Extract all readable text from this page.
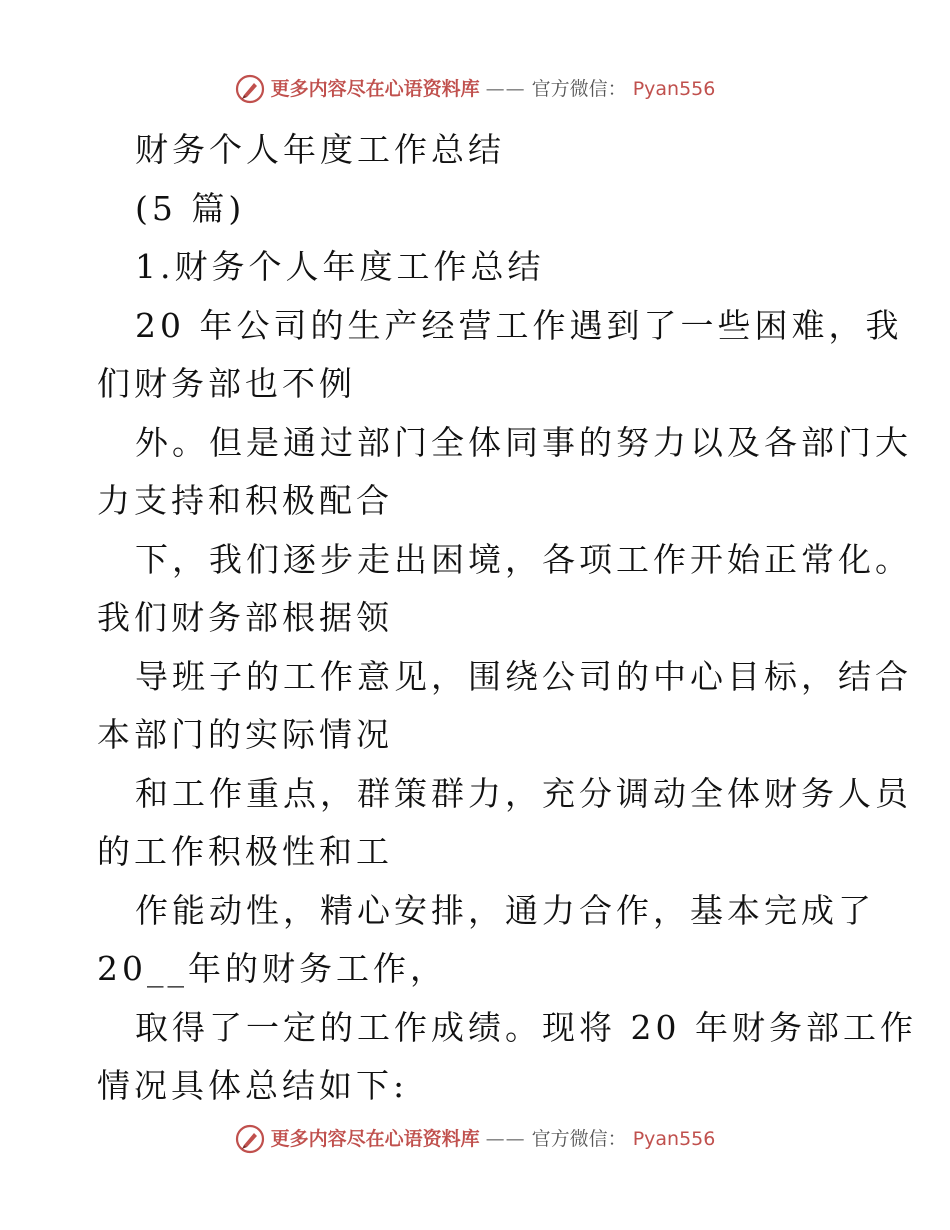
更多内容尽在心语资料库 —— 官方微信： Pyan556
财务个人年度工作总结
(5 篇)
1.财务个人年度工作总结
20 年公司的生产经营工作遇到了一些困难，我
们财务部也不例
外。但是通过部门全体同事的努力以及各部门大
力支持和积极配合
下，我们逐步走出困境，各项工作开始正常化。
我们财务部根据领
导班子的工作意见，围绕公司的中心目标，结合
本部门的实际情况
和工作重点，群策群力，充分调动全体财务人员
的工作积极性和工
作能动性，精心安排，通力合作，基本完成了
20__年的财务工作，
取得了一定的工作成绩。现将 20 年财务部工作
情况具体总结如下:
更多内容尽在心语资料库 —— 官方微信： Pyan556
